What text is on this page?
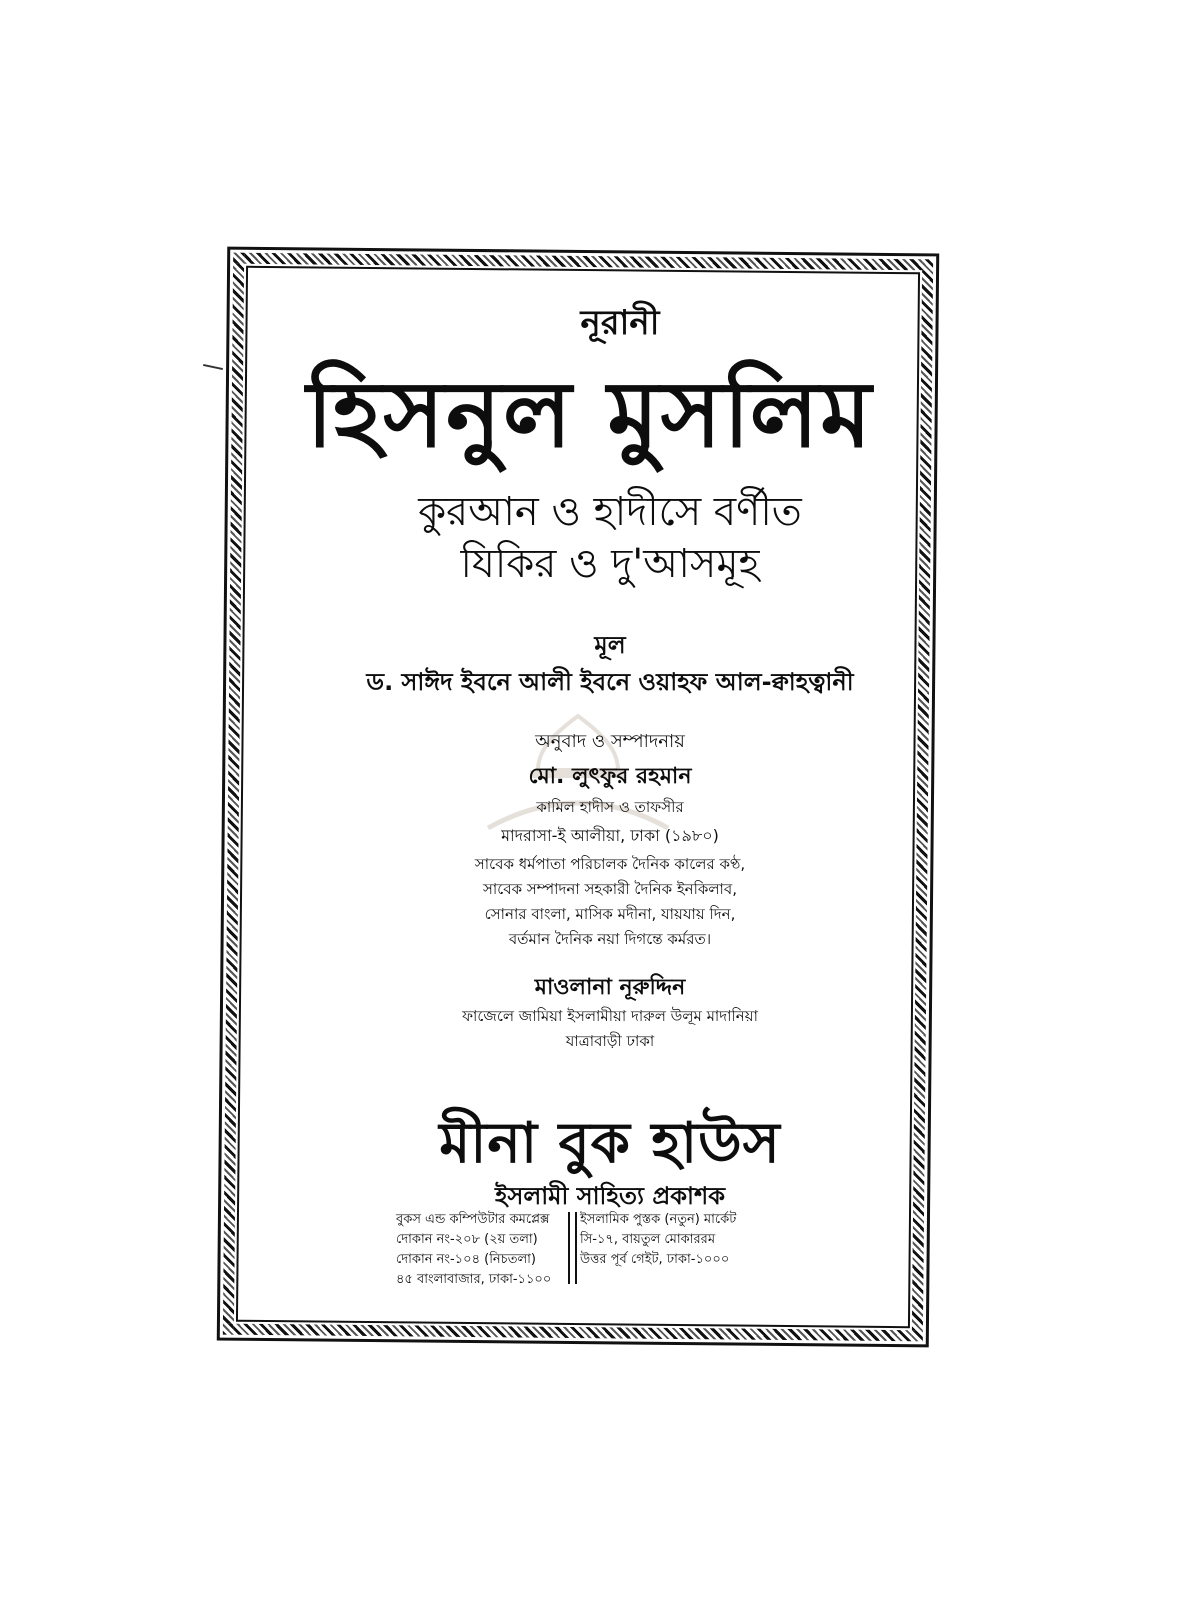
নূরানী
হিসনুল মুসলিম
কুরআন ও হাদীসে বর্ণীত
যিকির ও দু'আসমূহ
মূল
ড. সাঈদ ইবনে আলী ইবনে ওয়াহফ আল-ক্বাহত্বানী
অনুবাদ ও সম্পাদনায়
মো. লুৎফুর রহমান
কামিল হাদীস ও তাফসীর
মাদরাসা-ই আলীয়া, ঢাকা (১৯৮০)
সাবেক ধর্মপাতা পরিচালক দৈনিক কালের কণ্ঠ,
সাবেক সম্পাদনা সহকারী দৈনিক ইনকিলাব,
সোনার বাংলা, মাসিক মদীনা, যায়যায় দিন,
বর্তমান দৈনিক নয়া দিগন্তে কর্মরত।
মাওলানা নূরুদ্দিন
ফাজেলে জামিয়া ইসলামীয়া দারুল উলূম মাদানিয়া
যাত্রাবাড়ী ঢাকা
মীনা বুক হাউস
ইসলামী সাহিত্য প্রকাশক
বুকস এন্ড কম্পিউটার কমপ্লেক্স
দোকান নং-২০৮ (২য় তলা)
দোকান নং-১০৪ (নিচতলা)
৪৫ বাংলাবাজার, ঢাকা-১১০০
ইসলামিক পুস্তক (নতুন) মার্কেট
সি-১৭, বায়তুল মোকাররম
উত্তর পূর্ব গেইট, ঢাকা-১০০০
